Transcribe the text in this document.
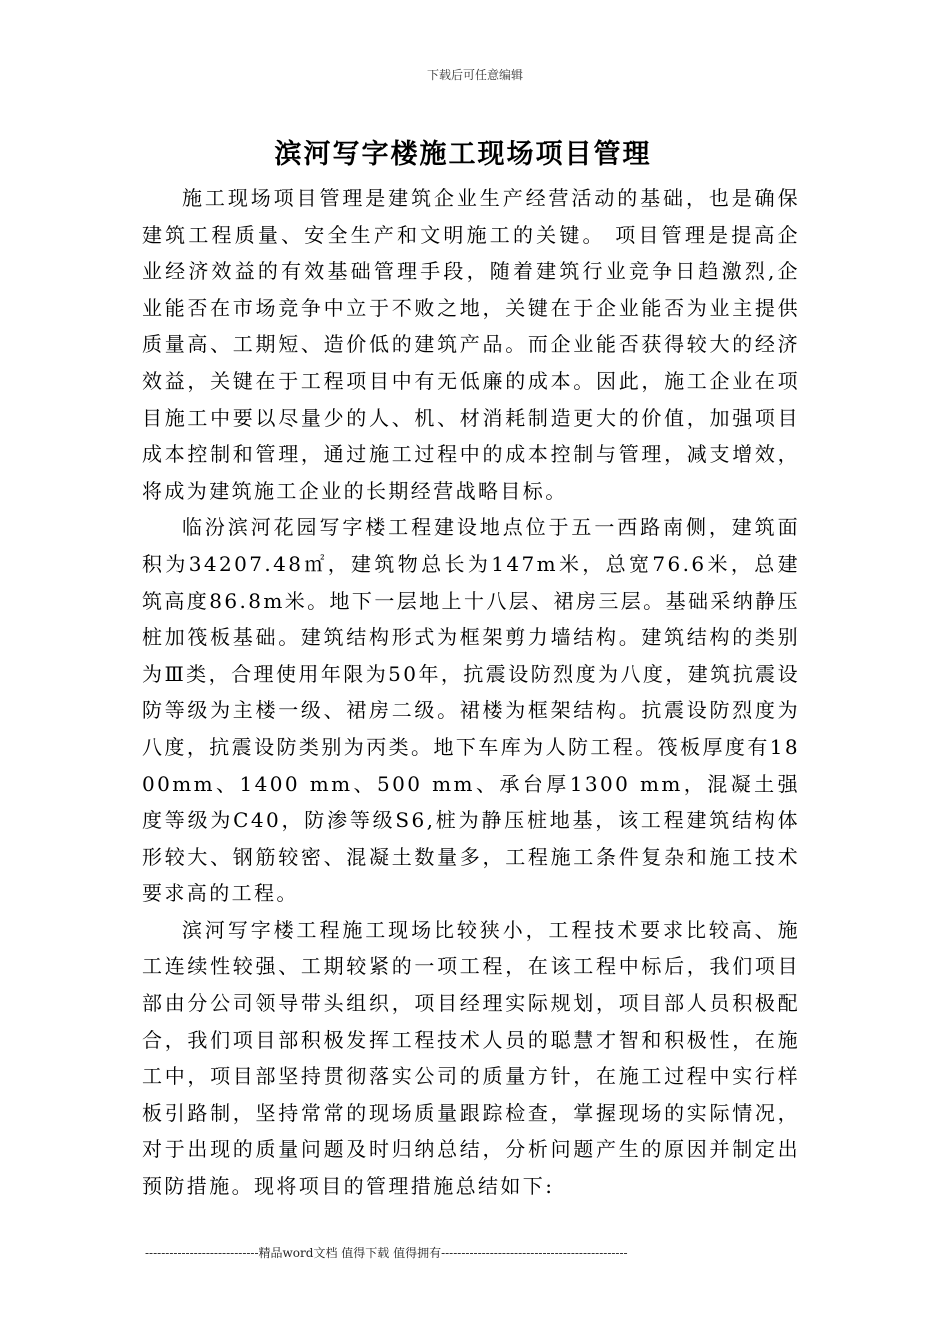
下载后可任意编辑
滨河写字楼施工现场项目管理

施工现场项目管理是建筑企业生产经营活动的基础，也是确保建筑工程质量、安全生产和文明施工的关键。 项目管理是提高企业经济效益的有效基础管理手段，随着建筑行业竞争日趋激烈,企业能否在市场竞争中立于不败之地，关键在于企业能否为业主提供质量高、工期短、造价低的建筑产品。而企业能否获得较大的经济效益，关键在于工程项目中有无低廉的成本。因此，施工企业在项目施工中要以尽量少的人、机、材消耗制造更大的价值，加强项目成本控制和管理，通过施工过程中的成本控制与管理，减支增效，将成为建筑施工企业的长期经营战略目标。

临汾滨河花园写字楼工程建设地点位于五一西路南侧，建筑面积为34207.48㎡，建筑物总长为147m米，总宽76.6米，总建筑高度86.8m米。地下一层地上十八层、裙房三层。基础采纳静压桩加筏板基础。建筑结构形式为框架剪力墙结构。建筑结构的类别为Ⅲ类，合理使用年限为50年，抗震设防烈度为八度，建筑抗震设防等级为主楼一级、裙房二级。裙楼为框架结构。抗震设防烈度为八度，抗震设防类别为丙类。地下车库为人防工程。筏板厚度有1800mm、1400 mm、500 mm、承台厚1300 mm，混凝土强度等级为C40，防渗等级S6,桩为静压桩地基，该工程建筑结构体形较大、钢筋较密、混凝土数量多，工程施工条件复杂和施工技术要求高的工程。

滨河写字楼工程施工现场比较狭小，工程技术要求比较高、施工连续性较强、工期较紧的一项工程，在该工程中标后，我们项目部由分公司领导带头组织，项目经理实际规划，项目部人员积极配合，我们项目部积极发挥工程技术人员的聪慧才智和积极性，在施工中，项目部坚持贯彻落实公司的质量方针，在施工过程中实行样板引路制，坚持常常的现场质量跟踪检查，掌握现场的实际情况，对于出现的质量问题及时归纳总结，分析问题产生的原因并制定出预防措施。现将项目的管理措施总结如下:

----------------------------精品word文档 值得下载 值得拥有----------------------------------------------
